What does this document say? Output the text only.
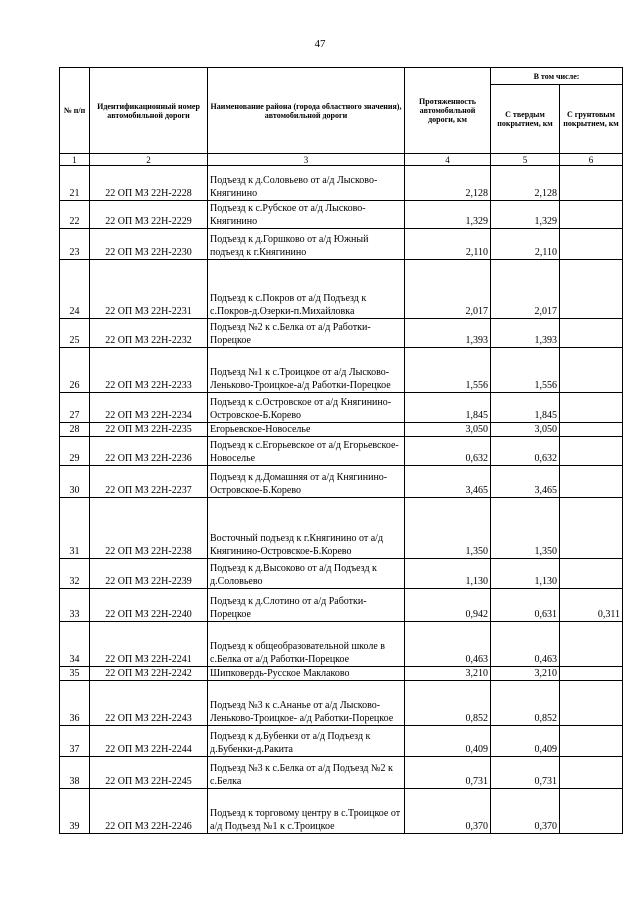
47
№ п/п	Идентификационный номер автомобильной дороги	Наименование района (города областного значения), автомобильной дороги	Протяженность автомобильной дороги, км	В том числе:	
				С твердым покрытием, км	С грунтовым покрытием, км
1	2	3	4	5	6
21	22 ОП МЗ 22Н-2228	Подъезд к д.Соловьево от а/д Лысково-Княгинино	2,128	2,128	
22	22 ОП МЗ 22Н-2229	Подъезд к с.Рубское от а/д Лысково-Княгинино	1,329	1,329	
23	22 ОП МЗ 22Н-2230	Подъезд к д.Горшково от а/д Южный подъезд к г.Княгинино	2,110	2,110	
24	22 ОП МЗ 22Н-2231	Подъезд к с.Покров от а/д Подъезд к с.Покров-д.Озерки-п.Михайловка	2,017	2,017	
25	22 ОП МЗ 22Н-2232	Подъезд №2 к с.Белка от а/д Работки-Порецкое	1,393	1,393	
26	22 ОП МЗ 22Н-2233	Подъезд №1 к с.Троицкое от а/д Лысково-Леньково-Троицкое-а/д Работки-Порецкое	1,556	1,556	
27	22 ОП МЗ 22Н-2234	Подъезд к с.Островское от а/д Княгинино-Островское-Б.Корево	1,845	1,845	
28	22 ОП МЗ 22Н-2235	Егорьевское-Новоселье	3,050	3,050	
29	22 ОП МЗ 22Н-2236	Подъезд к с.Егорьевское от а/д Егорьевское-Новоселье	0,632	0,632	
30	22 ОП МЗ 22Н-2237	Подъезд к д.Домашняя от а/д Княгинино-Островское-Б.Корево	3,465	3,465	
31	22 ОП МЗ 22Н-2238	Восточный подъезд к г.Княгинино от а/д Княгинино-Островское-Б.Корево	1,350	1,350	
32	22 ОП МЗ 22Н-2239	Подъезд к д.Высоково от а/д Подъезд к д.Соловьево	1,130	1,130	
33	22 ОП МЗ 22Н-2240	Подъезд к д.Слотино от а/д Работки-Порецкое	0,942	0,631	0,311
34	22 ОП МЗ 22Н-2241	Подъезд к общеобразовательной школе в с.Белка от а/д Работки-Порецкое	0,463	0,463	
35	22 ОП МЗ 22Н-2242	Шипковердь-Русское Маклаково	3,210	3,210	
36	22 ОП МЗ 22Н-2243	Подъезд №3 к с.Ананье от а/д Лысково-Леньково-Троицкое- а/д Работки-Порецкое	0,852	0,852	
37	22 ОП МЗ 22Н-2244	Подъезд к д.Бубенки от а/д Подъезд к д.Бубенки-д.Ракита	0,409	0,409	
38	22 ОП МЗ 22Н-2245	Подъезд №3 к с.Белка от а/д Подъезд №2 к с.Белка	0,731	0,731	
39	22 ОП МЗ 22Н-2246	Подъезд к торговому центру в с.Троицкое от а/д Подъезд №1 к с.Троицкое	0,370	0,370	
